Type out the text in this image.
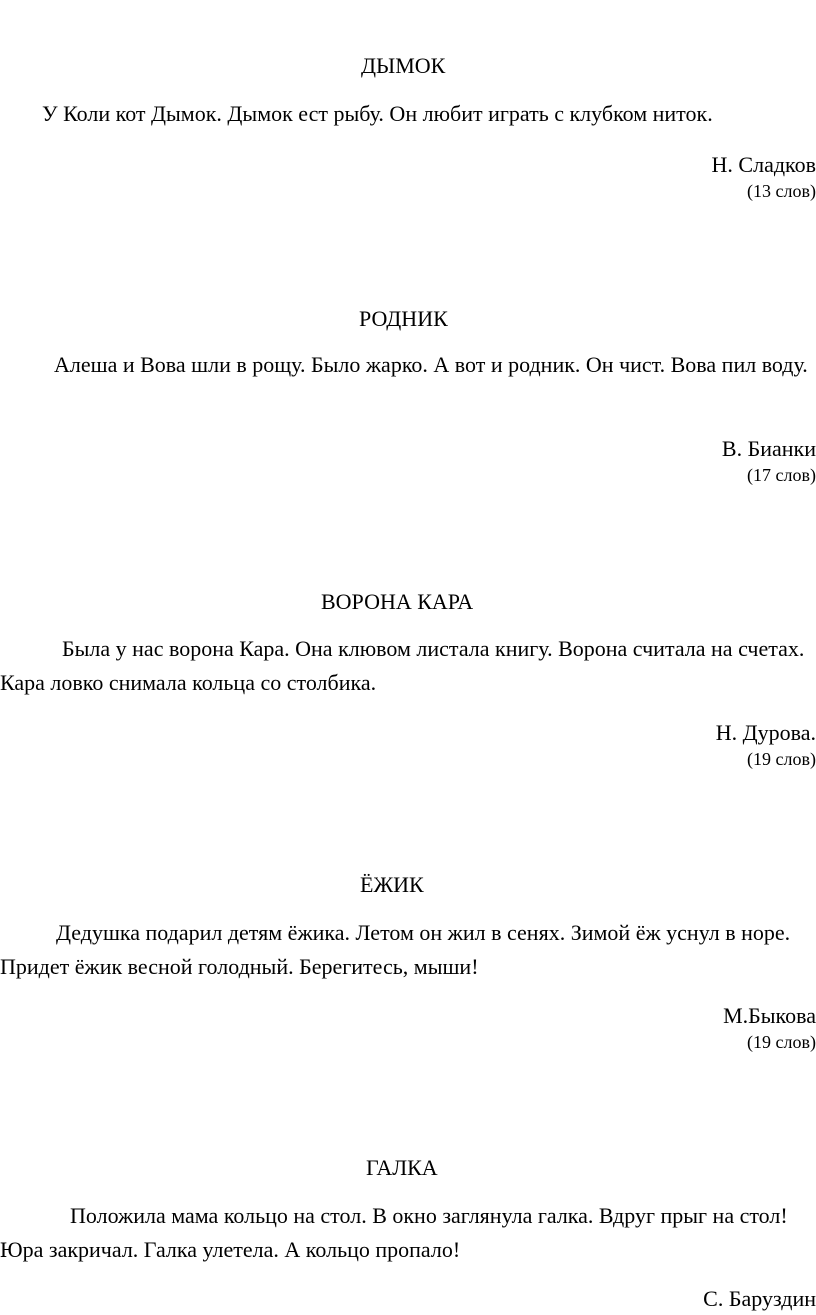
ДЫМОК

У Коли кот Дымок. Дымок ест рыбу. Он любит играть с клубком ниток.

Н. Сладков
(13 слов)
РОДНИК

Алеша и Вова шли в рощу. Было жарко. А вот и родник. Он чист. Вова пил воду.

В. Бианки
(17 слов)
ВОРОНА КАРА

Была у нас ворона Кара. Она клювом листала книгу. Ворона считала на счетах. Кара ловко снимала кольца со столбика.

Н. Дурова.
(19 слов)
ЁЖИК

Дедушка подарил детям ёжика. Летом он жил в сенях. Зимой ёж уснул в норе. Придет ёжик весной голодный. Берегитесь, мыши!

М.Быкова
(19 слов)
ГАЛКА

Положила мама кольцо на стол. В окно заглянула галка. Вдруг прыг на стол! Юра закричал. Галка улетела. А кольцо пропало!

С. Баруздин
